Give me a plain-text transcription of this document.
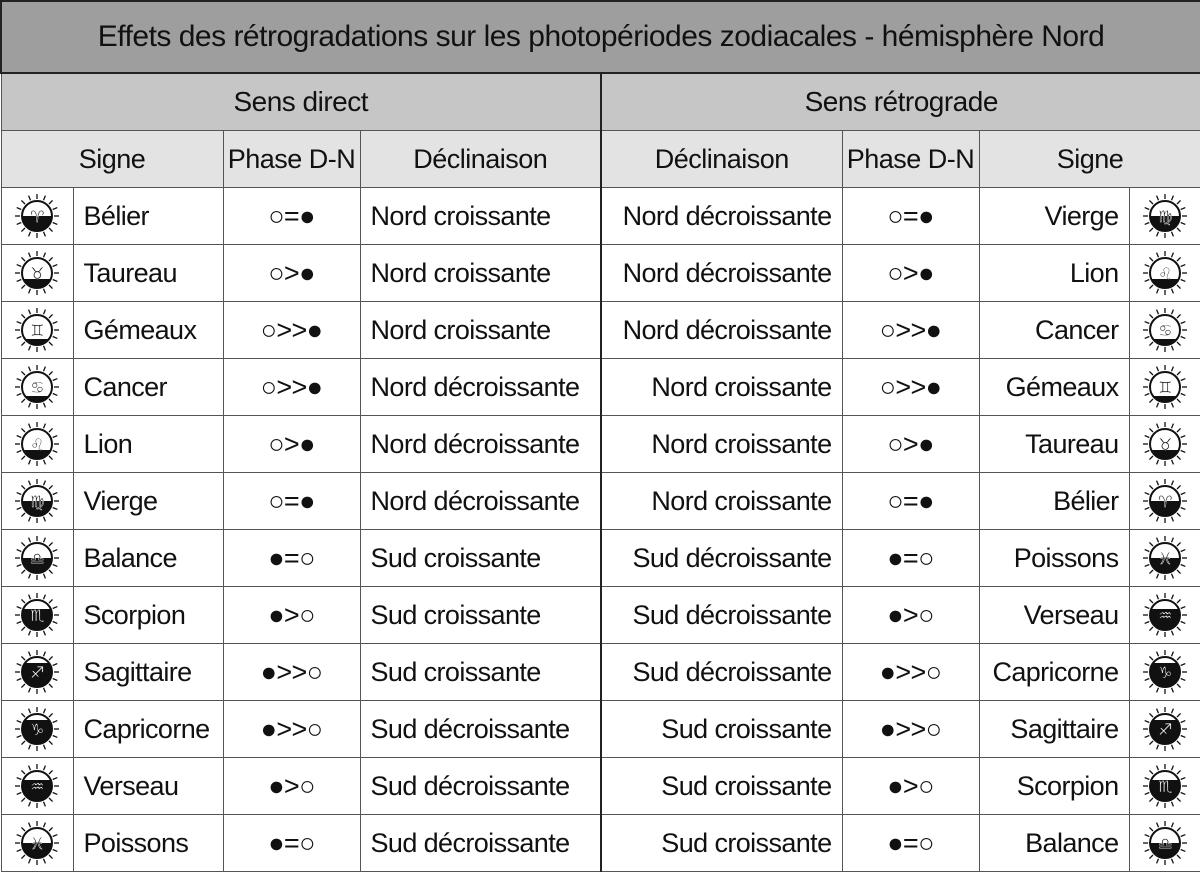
Effets des rétrogradations sur les photopériodes zodiacales - hémisphère Nord							
Sens direct				Sens rétrograde			
Signe		Phase D-N	Déclinaison	Déclinaison	Phase D-N	Signe	

♈	Bélier	○=●	Nord croissante	Nord décroissante	○=●	Vierge	♍

♉	Taureau	○>●	Nord croissante	Nord décroissante	○>●	Lion	♌

♊	Gémeaux	○>>●	Nord croissante	Nord décroissante	○>>●	Cancer	♋

♋	Cancer	○>>●	Nord décroissante	Nord croissante	○>>●	Gémeaux	♊

♌	Lion	○>●	Nord décroissante	Nord croissante	○>●	Taureau	♉

♍	Vierge	○=●	Nord décroissante	Nord croissante	○=●	Bélier	♈

♎	Balance	●=○	Sud croissante	Sud décroissante	●=○	Poissons	♓

♏	Scorpion	●>○	Sud croissante	Sud décroissante	●>○	Verseau	♒

♐	Sagittaire	●>>○	Sud croissante	Sud décroissante	●>>○	Capricorne	♑

♑	Capricorne	●>>○	Sud décroissante	Sud croissante	●>>○	Sagittaire	♐

♒	Verseau	●>○	Sud décroissante	Sud croissante	●>○	Scorpion	♏

♓	Poissons	●=○	Sud décroissante	Sud croissante	●=○	Balance	♎
